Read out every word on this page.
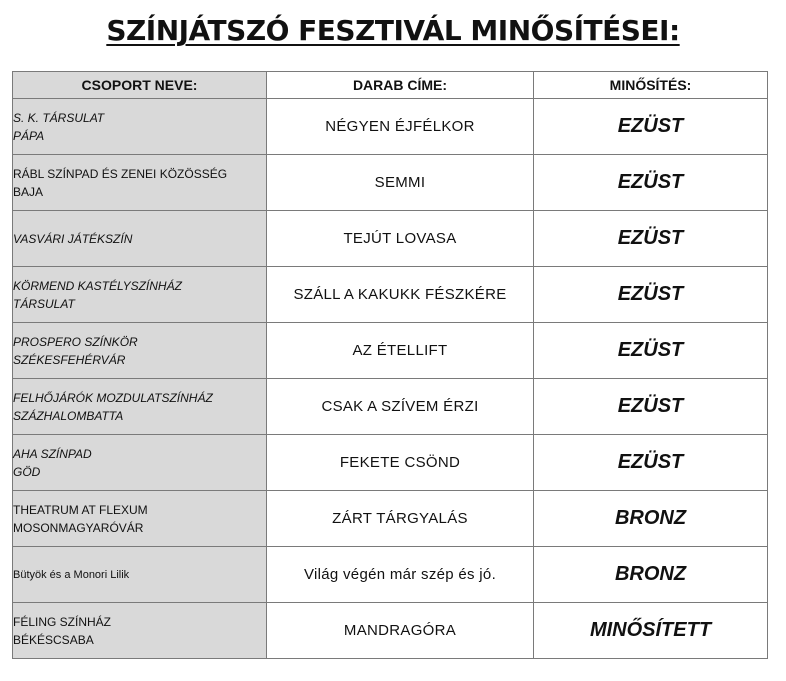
SZÍNJÁTSZÓ FESZTIVÁL MINŐSÍTÉSEI:
CSOPORT NEVE:	DARAB CÍME:	MINŐSÍTÉS:

S. K. TÁRSULAT
PÁPA	NÉGYEN ÉJFÉLKOR	EZÜST

RÁBL SZÍNPAD ÉS ZENEI KÖZÖSSÉG
BAJA	SEMMI	EZÜST

VASVÁRI JÁTÉKSZÍN	TEJÚT LOVASA	EZÜST

KÖRMEND KASTÉLYSZÍNHÁZ
TÁRSULAT	SZÁLL A KAKUKK FÉSZKÉRE	EZÜST

PROSPERO SZÍNKÖR
SZÉKESFEHÉRVÁR	AZ ÉTELLIFT	EZÜST

FELHŐJÁRÓK MOZDULATSZÍNHÁZ
SZÁZHALOMBATTA	CSAK A SZÍVEM ÉRZI	EZÜST

AHA SZÍNPAD
GÖD	FEKETE CSÖND	EZÜST

THEATRUM AT FLEXUM
MOSONMAGYARÓVÁR	ZÁRT TÁRGYALÁS	BRONZ

Bütyök és a Monori Lilik	Világ végén már szép és jó.	BRONZ

FÉLING SZÍNHÁZ
BÉKÉSCSABA	MANDRAGÓRA	MINŐSÍTETT
